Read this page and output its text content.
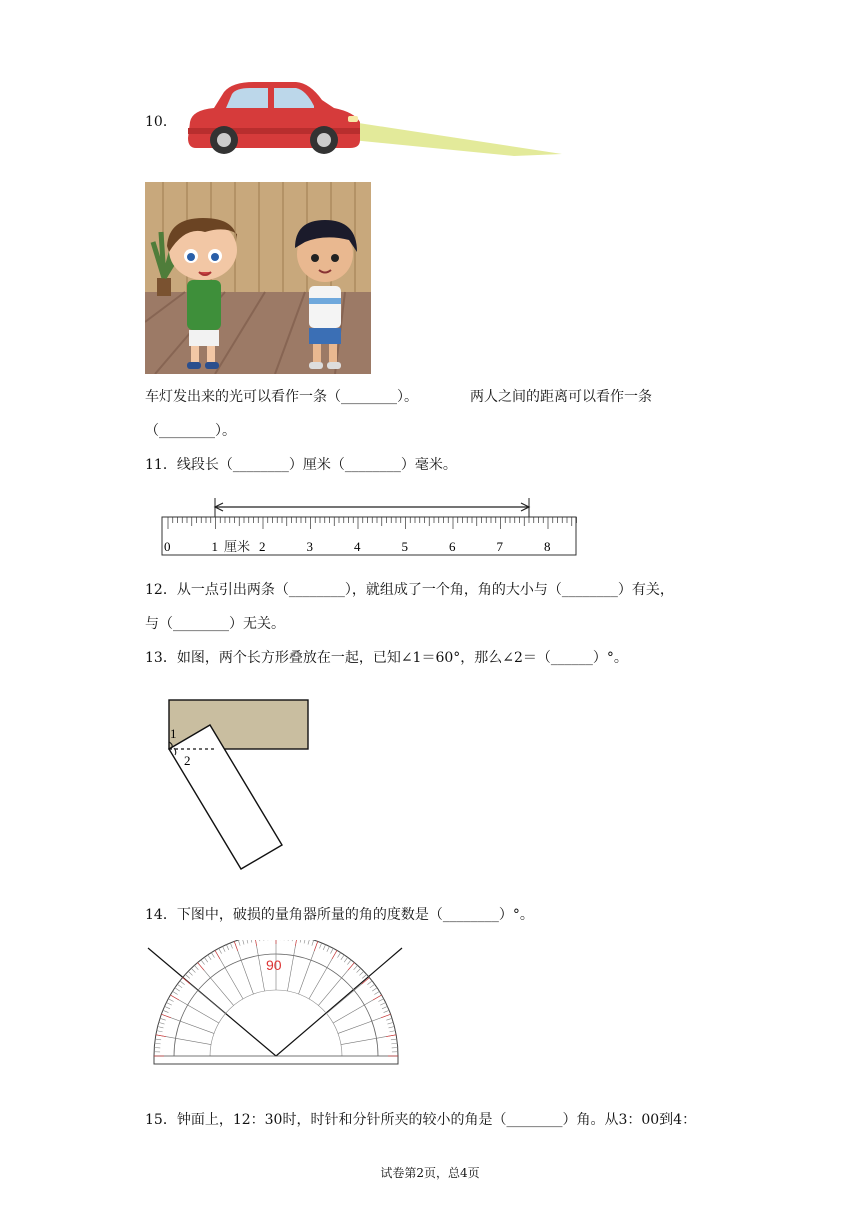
10．
车灯发出来的光可以看作一条（________）。	两人之间的距离可以看作一条
（________）。
11．线段长（________）厘米（________）毫米。
厘米
0	1	2	3	4	5	6	7	8
12．从一点引出两条（________），就组成了一个角，角的大小与（________）有关，
与（________）无关。
13．如图，两个长方形叠放在一起，已知∠1＝60°，那么∠2＝（______）°。
1
2
14．下图中，破损的量角器所量的角的度数是（________）°。
90
15．钟面上，12：30时，时针和分针所夹的较小的角是（________）角。从3：00到4：
试卷第2页，总4页
